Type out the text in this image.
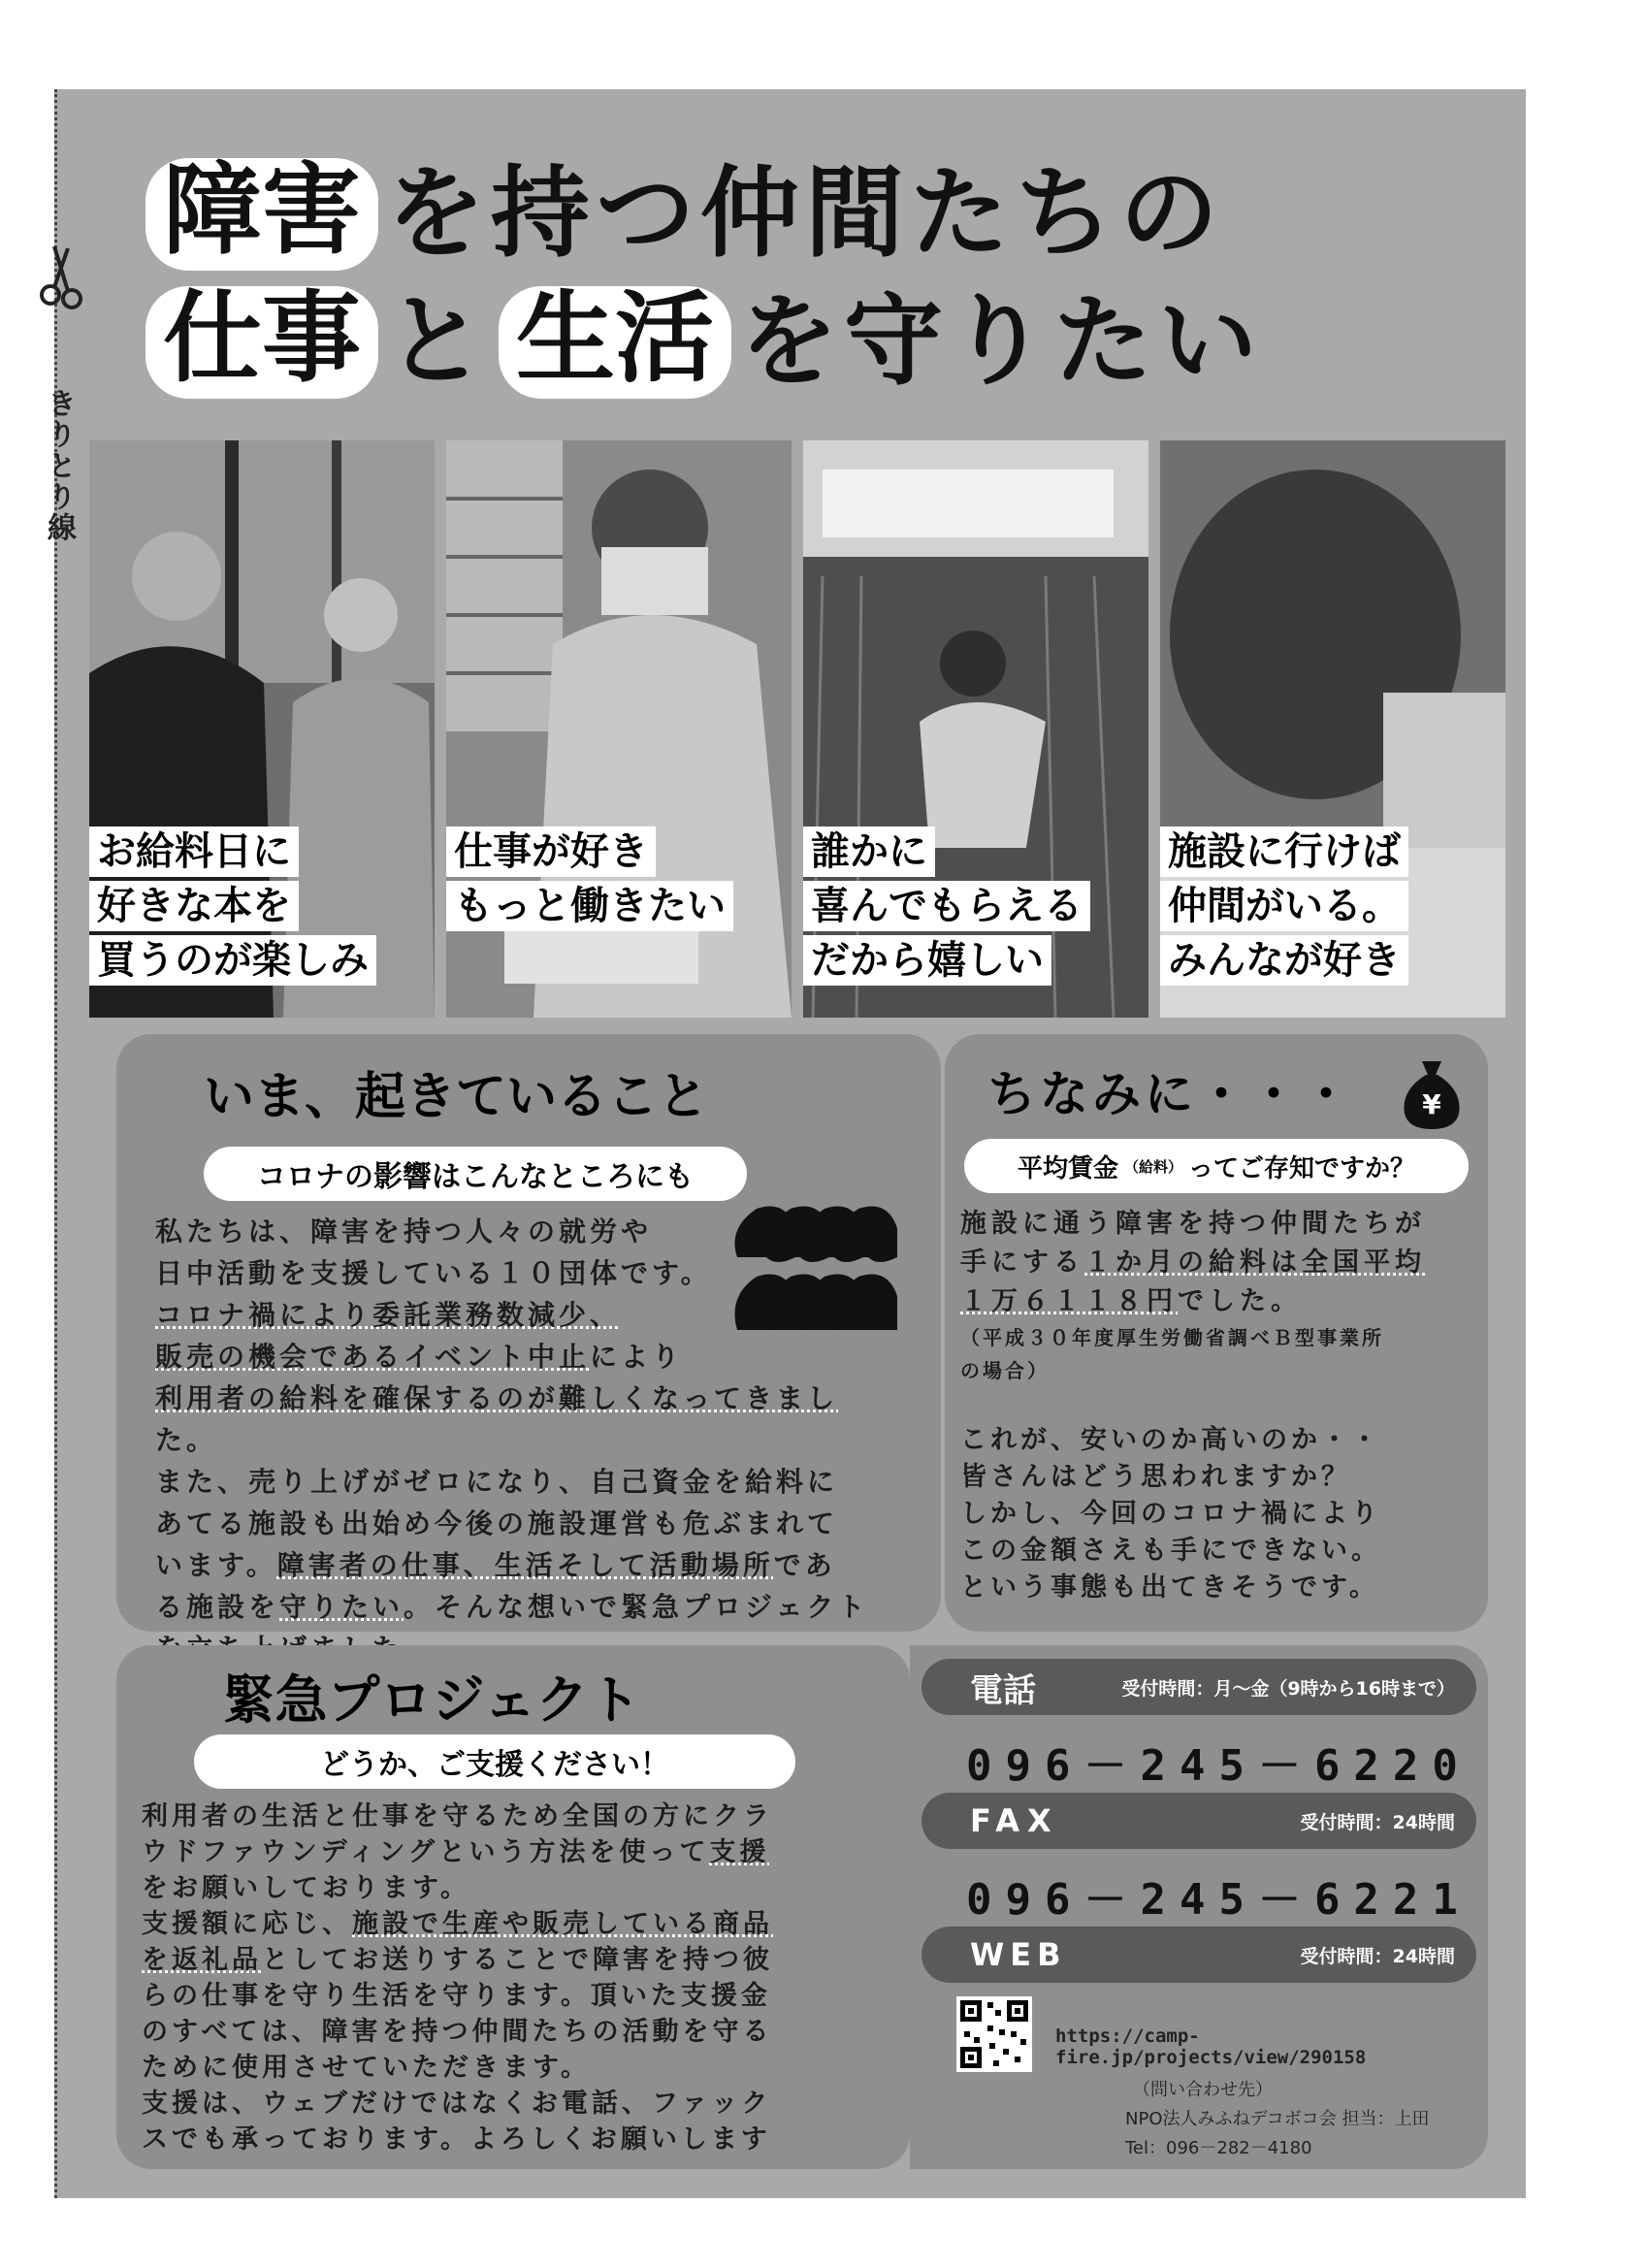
きりとり線
障害 を持つ仲間たちの
仕事 と 生活 を守りたい
お給料日に
好きな本を
買うのが楽しみ
仕事が好き
もっと働きたい
誰かに
喜んでもらえる
だから嬉しい
施設に行けば
仲間がいる。
みんなが好き
いま、起きていること
コロナの影響はこんなところにも
私たちは、障害を持つ人々の就労や
日中活動を支援している１０団体です。
コロナ禍により委託業務数減少、
販売の機会であるイベント中止により
利用者の給料を確保するのが難しくなってきまし
た。
また、売り上げがゼロになり、自己資金を給料に
あてる施設も出始め今後の施設運営も危ぶまれて
います。障害者の仕事、生活そして活動場所であ
る施設を守りたい。そんな想いで緊急プロジェクト
ちなみに・・・	¥
平均賃金 （給料） ってご存知ですか？
施設に通う障害を持つ仲間たちが
手にする１か月の給料は全国平均
１万６１１８円でした。
（平成３０年度厚生労働省調べＢ型事業所
の場合）
これが、安いのか高いのか・・
皆さんはどう思われますか？
しかし、今回のコロナ禍により
この金額さえも手にできない。
という事態も出てきそうです。
緊急プロジェクト
どうか、ご支援ください！
利用者の生活と仕事を守るため全国の方にクラ
ウドファウンディングという方法を使って支援
をお願いしております。
支援額に応じ、施設で生産や販売している商品
を返礼品としてお送りすることで障害を持つ彼
らの仕事を守り生活を守ります。頂いた支援金
のすべては、障害を持つ仲間たちの活動を守る
ために使用させていただきます。
支援は、ウェブだけではなくお電話、ファック
スでも承っております。よろしくお願いします
電話	受付時間：月～金（9時から16時まで）
096－245－6220
FAX	受付時間：24時間
096－245－6221
WEB	受付時間：24時間
https://camp-fire.jp/projects/view/290158
（問い合わせ先）
NPO法人みふねデコボコ会 担当：上田
Tel：096－282－4180
